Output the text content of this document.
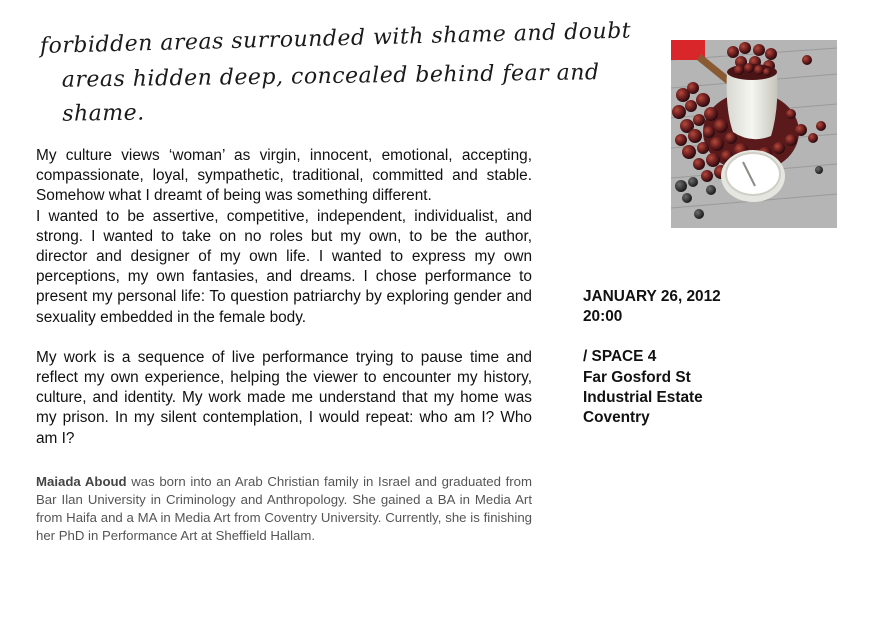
forbidden areas surrounded with shame and doubt
areas hidden deep, concealed behind fear and shame.

My culture views ‘woman’ as virgin, innocent, emotional, accepting, compassionate, loyal, sympathetic, traditional, committed and stable. Somehow what I dreamt of being was something different.

I wanted to be assertive, competitive, independent, individualist, and strong. I wanted to take on no roles but my own, to be the author, director and designer of my own life. I wanted to express my own perceptions, my own fantasies, and dreams. I chose performance to present my personal life: To question patriarchy by exploring gender and sexuality embedded in the female body.

My work is a sequence of live performance trying to pause time and reflect my own experience, helping the viewer to encounter my history, culture, and identity. My work made me understand that my home was my prison. In my silent contemplation, I would repeat: who am I? Who am I?

Maiada Aboud was born into an Arab Christian family in Israel and graduated from Bar Ilan University in Criminology and Anthropology. She gained a BA in Media Art from Haifa and a MA in Media Art from Coventry University. Currently, she is finishing her PhD in Performance Art at Sheffield Hallam.
JANUARY 26, 2012
20:00
/ SPACE 4
Far Gosford St
Industrial Estate
Coventry
